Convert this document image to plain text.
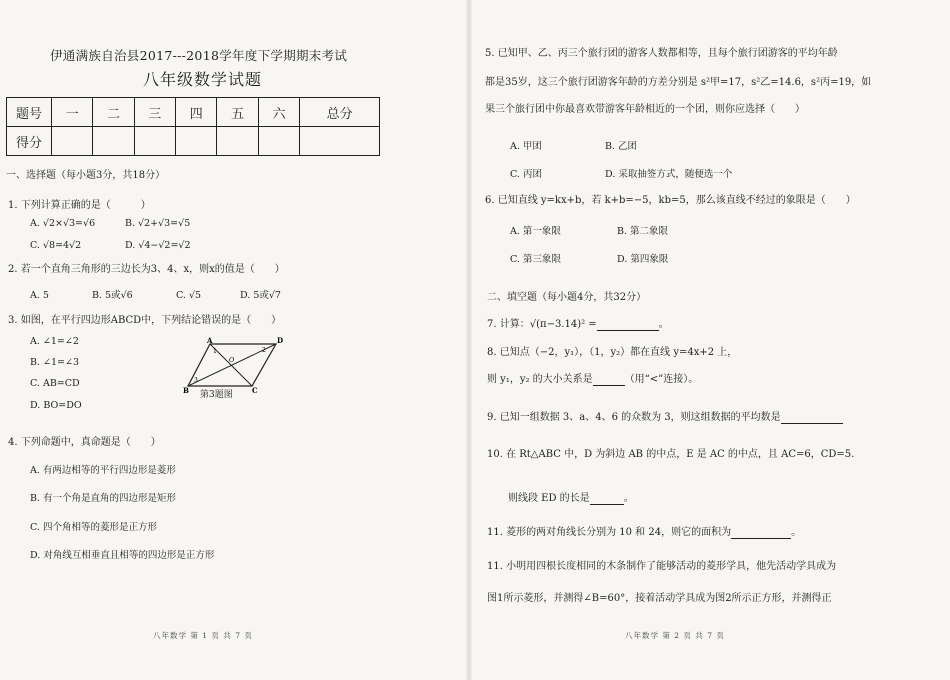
伊通满族自治县2017---2018学年度下学期期末考试
八年级数学试题
题号	一	二	三	四	五	六	总分
得分							
一、选择题（每小题3分，共18分）
1. 下列计算正确的是（　　　）
A. √2×√3=√6	B. √2+√3=√5
C. √8=4√2	D. √4−√2=√2
2. 若一个直角三角形的三边长为3、4、x，则x的值是（　　）
A. 5	B. 5或√6	C. √5	D. 5或√7
3. 如图，在平行四边形ABCD中，下列结论错误的是（　　）
A. ∠1=∠2
B. ∠1=∠3
C. AB=CD
D. BO=DO
A	D
B	C
O
1	2
3
第3题图
4. 下列命题中，真命题是（　　）
A. 有两边相等的平行四边形是菱形
B. 有一个角是直角的四边形是矩形
C. 四个角相等的菱形是正方形
D. 对角线互相垂直且相等的四边形是正方形
八年数学 第 1 页 共 7 页
5. 已知甲、乙、丙三个旅行团的游客人数都相等，且每个旅行团游客的平均年龄
都是35岁，这三个旅行团游客年龄的方差分别是 s²甲=17，s²乙=14.6，s²丙=19，如
果三个旅行团中你最喜欢带游客年龄相近的一个团，则你应选择（　　）
A. 甲团	B. 乙团
C. 丙团	D. 采取抽签方式，随便选一个
6. 已知直线 y=kx+b，若 k+b=−5，kb=5，那么该直线不经过的象限是（　　）
A. 第一象限	B. 第二象限
C. 第三象限	D. 第四象限
二、填空题（每小题4分，共32分）
7. 计算：√(π−3.14)² =	。
8. 已知点（−2，y₁），（1，y₂）都在直线 y=4x+2 上，
则 y₁，y₂ 的大小关系是	（用“<”连接）。
9. 已知一组数据 3、a、4、6 的众数为 3，则这组数据的平均数是
10. 在 Rt△ABC 中，D 为斜边 AB 的中点，E 是 AC 的中点，且 AC=6，CD=5.
则线段 ED 的长是	。
11. 菱形的两对角线长分别为 10 和 24，则它的面积为	。
11. 小明用四根长度相同的木条制作了能够活动的菱形学具，他先活动学具成为
图1所示菱形，并测得∠B=60°，接着活动学具成为图2所示正方形，并测得正
八年数学 第 2 页 共 7 页
